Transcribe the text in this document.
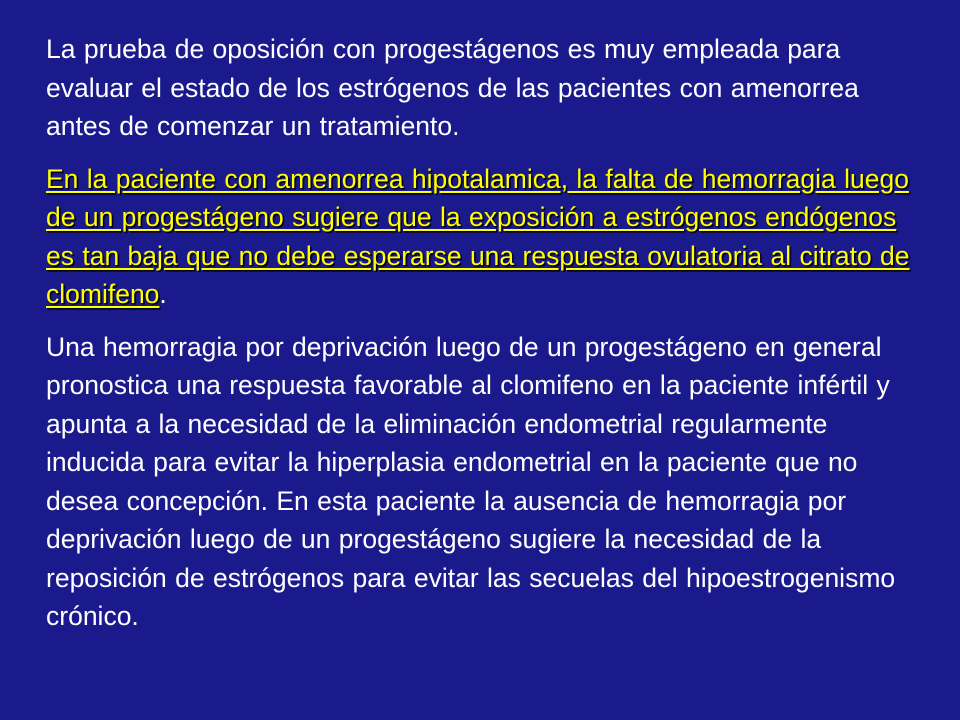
La prueba de oposición con progestágenos es muy empleada para evaluar el estado de los estrógenos de las pacientes con amenorrea antes de comenzar un tratamiento.

En la paciente con amenorrea hipotalamica, la falta de hemorragia luego de un progestágeno sugiere que la exposición a estrógenos endógenos es tan baja que no debe esperarse una respuesta ovulatoria al citrato de clomifeno.

Una hemorragia por deprivación luego de un progestágeno en general pronostica una respuesta favorable al clomifeno en la paciente infértil y apunta a la necesidad de la eliminación endometrial regularmente inducida para evitar la hiperplasia endometrial en la paciente que no desea concepción. En esta paciente la ausencia de hemorragia por deprivación luego de un progestágeno sugiere la necesidad de la reposición de estrógenos para evitar las secuelas del hipoestrogenismo crónico.
